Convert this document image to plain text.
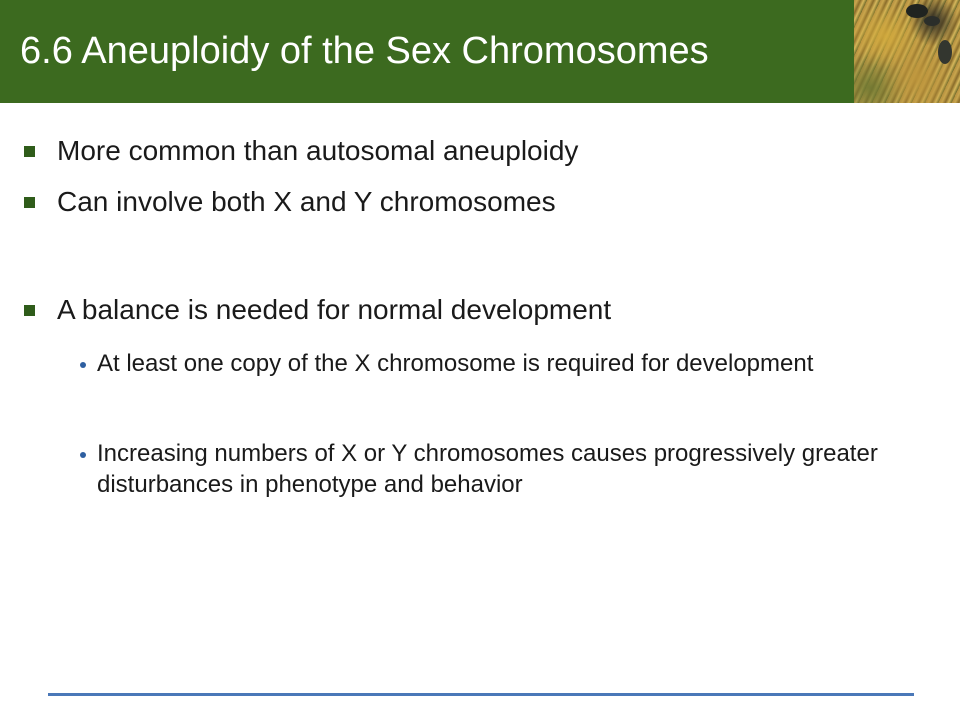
6.6 Aneuploidy of the Sex Chromosomes
More common than autosomal aneuploidy
Can involve both X and Y chromosomes
A balance is needed for normal development
At least one copy of the X chromosome is required for development
Increasing numbers of X or Y chromosomes causes progressively greater disturbances in phenotype and behavior
